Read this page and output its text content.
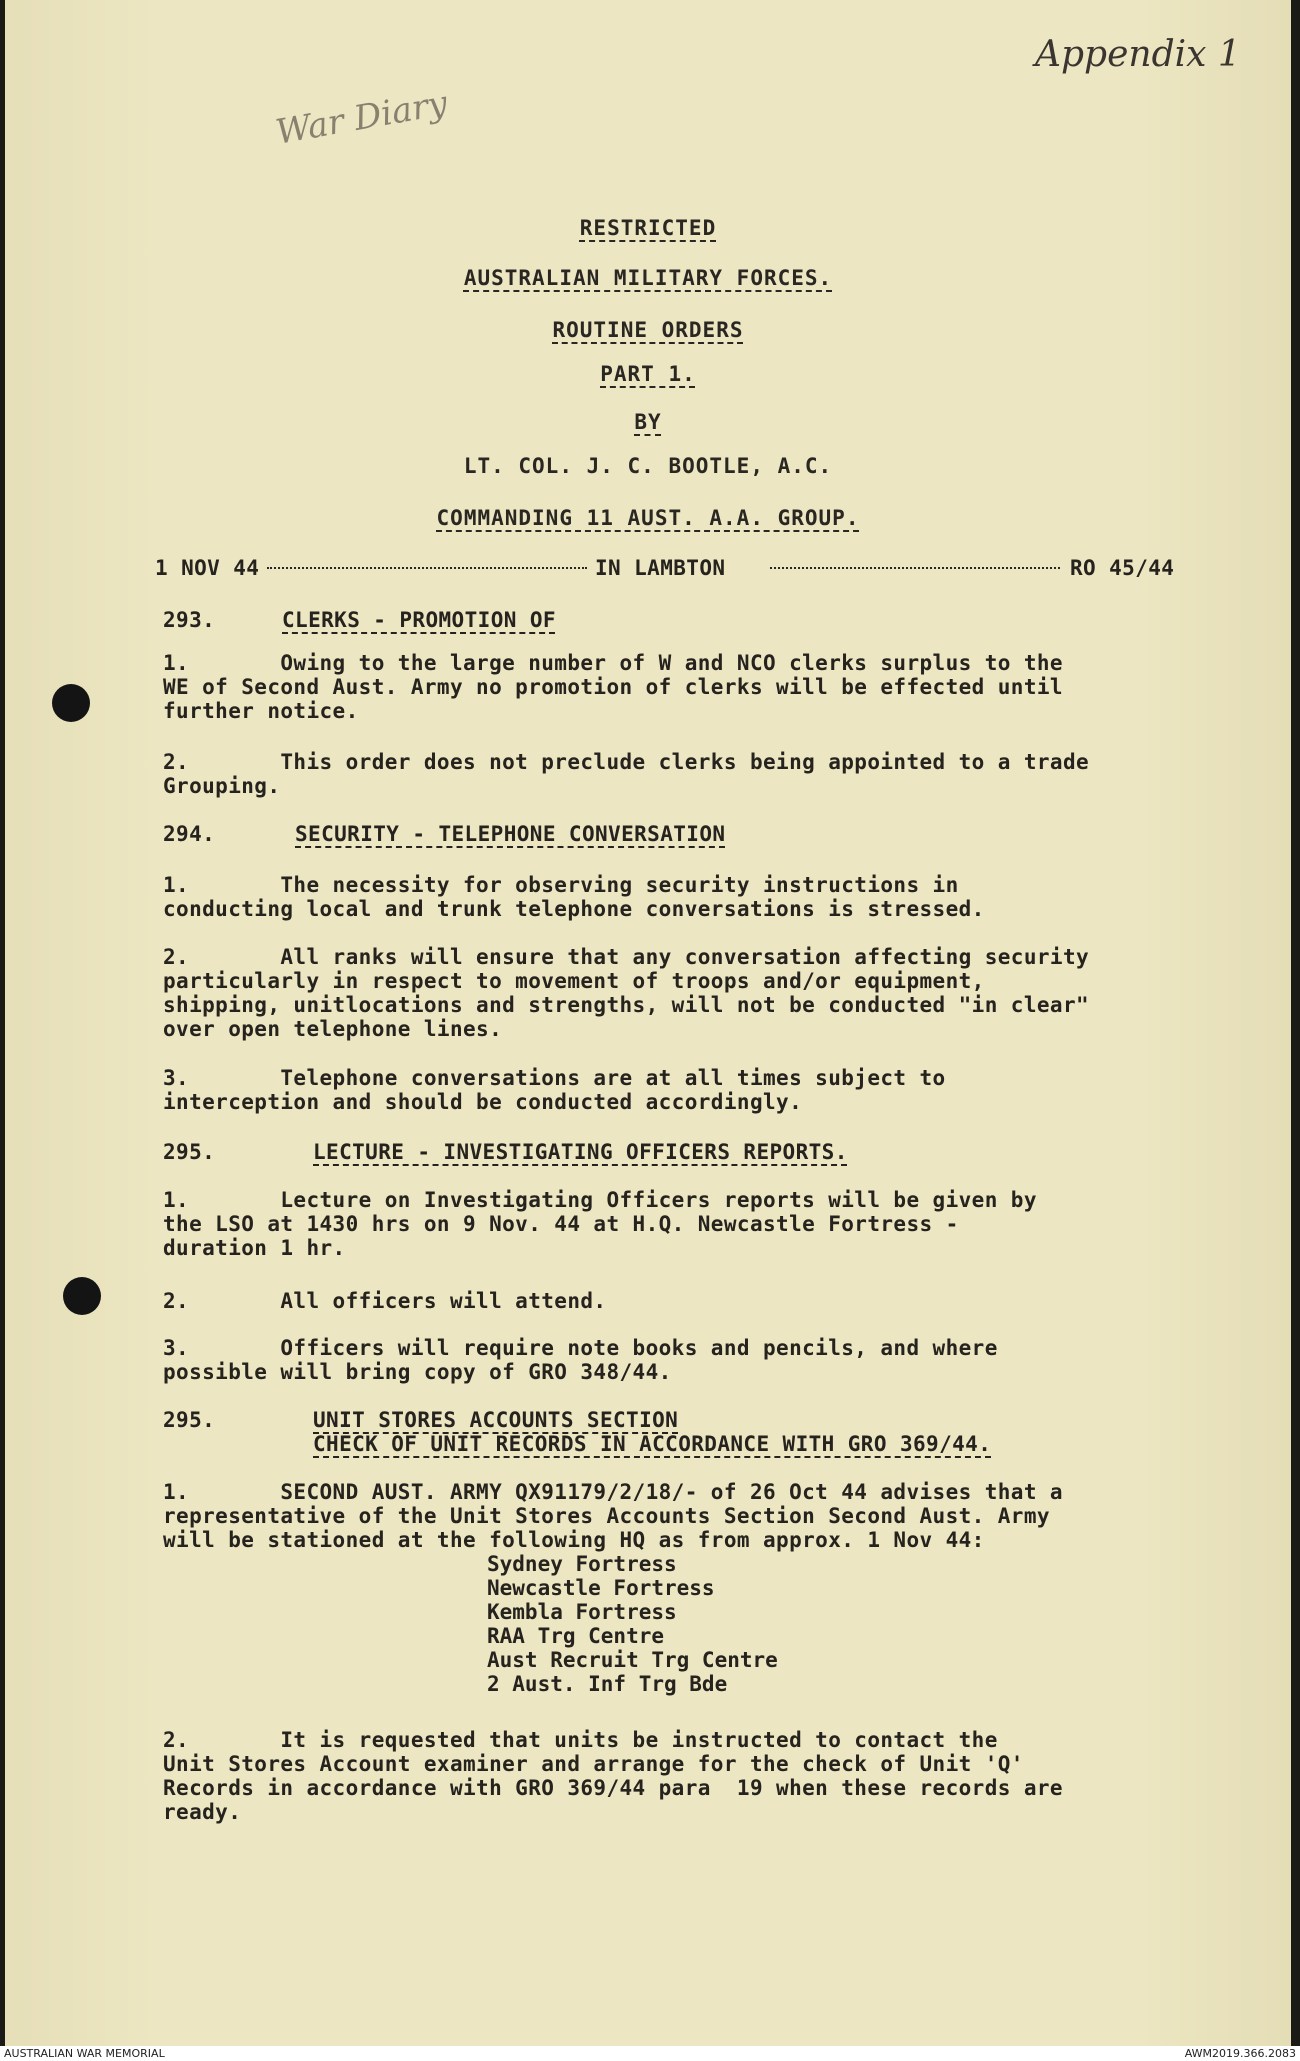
Appendix 1
War Diary
RESTRICTED
AUSTRALIAN MILITARY FORCES.
ROUTINE ORDERS
PART 1.
BY
LT. COL. J. C. BOOTLE, A.C.
COMMANDING 11 AUST. A.A. GROUP.
1 NOV 44	IN LAMBTON	RO 45/44
293.	CLERKS - PROMOTION OF
1.       Owing to the large number of W and NCO clerks surplus to the
WE of Second Aust. Army no promotion of clerks will be effected until
further notice.
2.       This order does not preclude clerks being appointed to a trade
Grouping.
294.	SECURITY - TELEPHONE CONVERSATION
1.       The necessity for observing security instructions in
conducting local and trunk telephone conversations is stressed.
2.       All ranks will ensure that any conversation affecting security
particularly in respect to movement of troops and/or equipment,
shipping, unitlocations and strengths, will not be conducted "in clear"
over open telephone lines.
3.       Telephone conversations are at all times subject to
interception and should be conducted accordingly.
295.	LECTURE - INVESTIGATING OFFICERS REPORTS.
1.       Lecture on Investigating Officers reports will be given by
the LSO at 1430 hrs on 9 Nov. 44 at H.Q. Newcastle Fortress -
duration 1 hr.
2.       All officers will attend.
3.       Officers will require note books and pencils, and where
possible will bring copy of GRO 348/44.
295.	UNIT STORES ACCOUNTS SECTION
CHECK OF UNIT RECORDS IN ACCORDANCE WITH GRO 369/44.
1.       SECOND AUST. ARMY QX91179/2/18/- of 26 Oct 44 advises that a
representative of the Unit Stores Accounts Section Second Aust. Army
will be stationed at the following HQ as from approx. 1 Nov 44:
Sydney Fortress
Newcastle Fortress
Kembla Fortress
RAA Trg Centre
Aust Recruit Trg Centre
2 Aust. Inf Trg Bde
2.       It is requested that units be instructed to contact the
Unit Stores Account examiner and arrange for the check of Unit 'Q'
Records in accordance with GRO 369/44 para  19 when these records are
ready.
AUSTRALIAN WAR MEMORIAL	AWM2019.366.2083
